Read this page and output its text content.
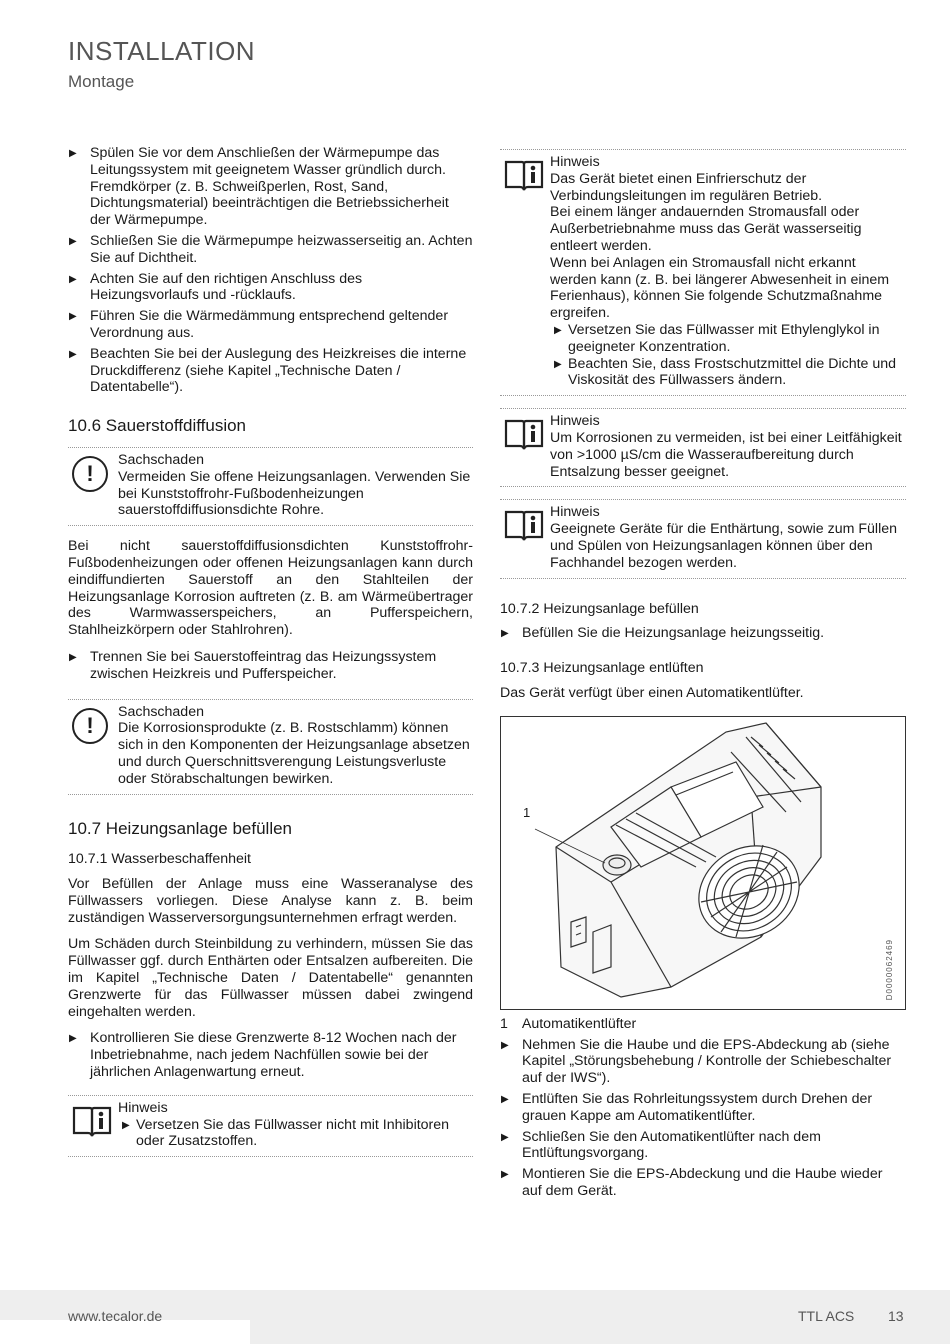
INSTALLATION
Montage
▶ Spülen Sie vor dem Anschließen der Wärmepumpe das Leitungssystem mit geeignetem Wasser gründlich durch. Fremdkörper (z. B. Schweißperlen, Rost, Sand, Dichtungsmaterial) beeinträchtigen die Betriebssicherheit der Wärmepumpe.
▶ Schließen Sie die Wärmepumpe heizwasserseitig an. Achten Sie auf Dichtheit.
▶ Achten Sie auf den richtigen Anschluss des Heizungsvorlaufs und -rücklaufs.
▶ Führen Sie die Wärmedämmung entsprechend geltender Verordnung aus.
▶ Beachten Sie bei der Auslegung des Heizkreises die interne Druckdifferenz (siehe Kapitel „Technische Daten / Datentabelle“).
10.6 Sauerstoffdiffusion
!
Sachschaden
Vermeiden Sie offene Heizungsanlagen. Verwenden Sie bei Kunststoffrohr-Fußbodenheizungen sauerstoffdiffusionsdichte Rohre.

Bei nicht sauerstoffdiffusionsdichten Kunststoffrohr-Fußbodenheizungen oder offenen Heizungsanlagen kann durch eindiffundierten Sauerstoff an den Stahlteilen der Heizungsanlage Korrosion auftreten (z. B. am Wärmeübertrager des Warmwasserspeichers, an Pufferspeichern, Stahlheizkörpern oder Stahlrohren).

▶ Trennen Sie bei Sauerstoffeintrag das Heizungssystem zwischen Heizkreis und Pufferspeicher.
!
Sachschaden
Die Korrosionsprodukte (z. B. Rostschlamm) können sich in den Komponenten der Heizungsanlage absetzen und durch Querschnittsverengung Leistungsverluste oder Störabschaltungen bewirken.
10.7 Heizungsanlage befüllen
10.7.1 Wasserbeschaffenheit

Vor Befüllen der Anlage muss eine Wasseranalyse des Füllwassers vorliegen. Diese Analyse kann z. B. beim zuständigen Wasserversorgungsunternehmen erfragt werden.

Um Schäden durch Steinbildung zu verhindern, müssen Sie das Füllwasser ggf. durch Enthärten oder Entsalzen aufbereiten. Die im Kapitel „Technische Daten / Datentabelle“ genannten Grenzwerte für das Füllwasser müssen dabei zwingend eingehalten werden.

▶ Kontrollieren Sie diese Grenzwerte 8-12 Wochen nach der Inbetriebnahme, nach jedem Nachfüllen sowie bei der jährlichen Anlagenwartung erneut.
Hinweis
▶ Versetzen Sie das Füllwasser nicht mit Inhibitoren oder Zusatzstoffen.
Hinweis
Das Gerät bietet einen Einfrierschutz der Verbindungsleitungen im regulären Betrieb.
Bei einem länger andauernden Stromausfall oder Außerbetriebnahme muss das Gerät wasserseitig entleert werden.
Wenn bei Anlagen ein Stromausfall nicht erkannt werden kann (z. B. bei längerer Abwesenheit in einem Ferienhaus), können Sie folgende Schutzmaßnahme ergreifen.
▶ Versetzen Sie das Füllwasser mit Ethylenglykol in geeigneter Konzentration.
▶ Beachten Sie, dass Frostschutzmittel die Dichte und Viskosität des Füllwassers ändern.
Hinweis
Um Korrosionen zu vermeiden, ist bei einer Leitfähigkeit von >1000 µS/cm die Wasseraufbereitung durch Entsalzung besser geeignet.
Hinweis
Geeignete Geräte für die Enthärtung, sowie zum Füllen und Spülen von Heizungsanlagen können über den Fachhandel bezogen werden.
10.7.2 Heizungsanlage befüllen
▶ Befüllen Sie die Heizungsanlage heizungsseitig.
10.7.3 Heizungsanlage entlüften

Das Gerät verfügt über einen Automatikentlüfter.

1
D0000062469
1 Automatikentlüfter
▶ Nehmen Sie die Haube und die EPS-Abdeckung ab (siehe Kapitel „Störungsbehebung / Kontrolle der Schiebeschalter auf der IWS“).
▶ Entlüften Sie das Rohrleitungssystem durch Drehen der grauen Kappe am Automatikentlüfter.
▶ Schließen Sie den Automatikentlüfter nach dem Entlüftungsvorgang.
▶ Montieren Sie die EPS-Abdeckung und die Haube wieder auf dem Gerät.
www.tecalor.de	TTL ACS 13
